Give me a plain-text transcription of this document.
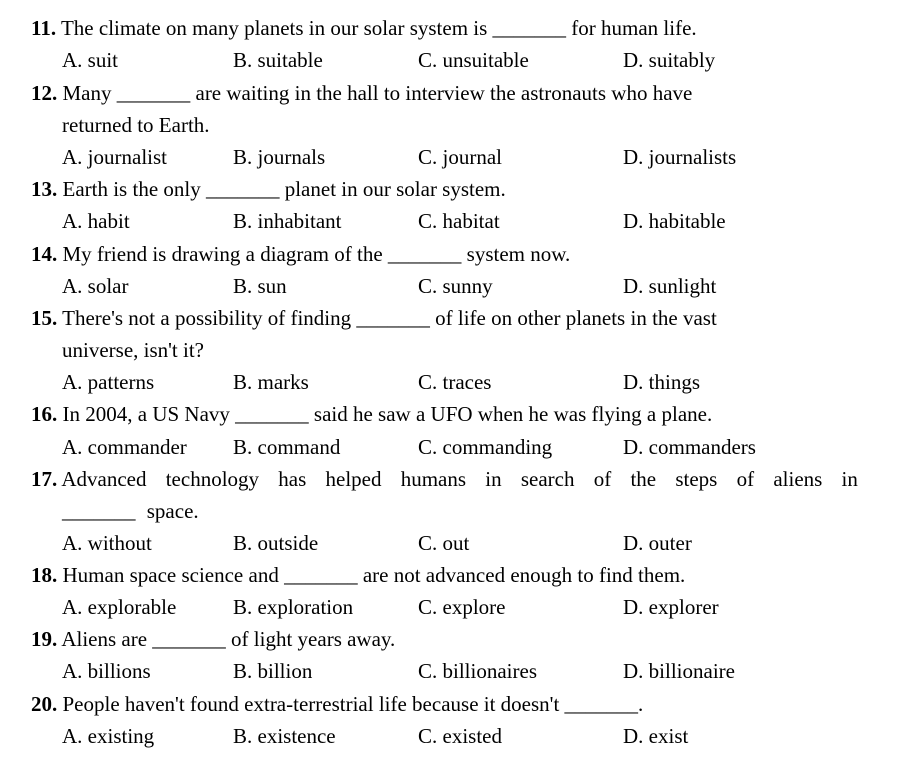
11. The climate on many planets in our solar system is _______ for human life.
A. suit	B. suitable	C. unsuitable	D. suitably
12. Many _______ are waiting in the hall to interview the astronauts who have
returned to Earth.
A. journalist	B. journals	C. journal	D. journalists
13. Earth is the only _______ planet in our solar system.
A. habit	B. inhabitant	C. habitat	D. habitable
14. My friend is drawing a diagram of the _______ system now.
A. solar	B. sun	C. sunny	D. sunlight
15. There's not a possibility of finding _______ of life on other planets in the vast
universe, isn't it?
A. patterns	B. marks	C. traces	D. things
16. In 2004, a US Navy _______ said he saw a UFO when he was flying a plane.
A. commander B. command	C. commanding	D. commanders
17. Advanced technology has helped humans in search of the steps of aliens in
_______ space.
A. without	B. outside	C. out	D. outer
18. Human space science and _______ are not advanced enough to find them.
A. explorable	B. exploration	C. explore	D. explorer
19. Aliens are _______ of light years away.
A. billions	B. billion	C. billionaires	D. billionaire
20. People haven't found extra-terrestrial life because it doesn't _______.
A. existing	B. existence	C. existed	D. exist
